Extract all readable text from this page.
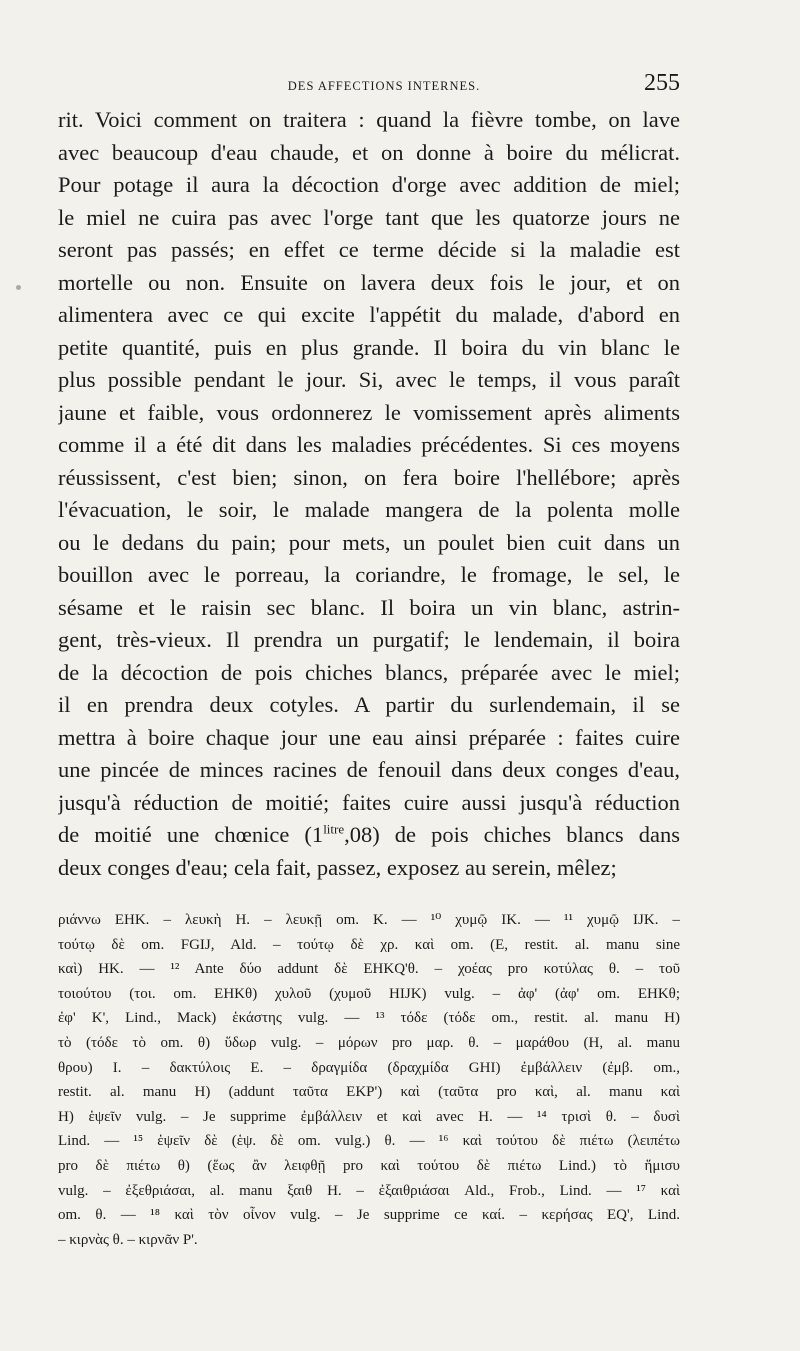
DES AFFECTIONS INTERNES.	255
rit. Voici comment on traitera : quand la fièvre tombe, on lave
avec beaucoup d'eau chaude, et on donne à boire du mélicrat.
Pour potage il aura la décoction d'orge avec addition de miel;
le miel ne cuira pas avec l'orge tant que les quatorze jours ne
seront pas passés; en effet ce terme décide si la maladie est
mortelle ou non. Ensuite on lavera deux fois le jour, et on
alimentera avec ce qui excite l'appétit du malade, d'abord en
petite quantité, puis en plus grande. Il boira du vin blanc le
plus possible pendant le jour. Si, avec le temps, il vous paraît
jaune et faible, vous ordonnerez le vomissement après aliments
comme il a été dit dans les maladies précédentes. Si ces moyens
réussissent, c'est bien; sinon, on fera boire l'hellébore; après
l'évacuation, le soir, le malade mangera de la polenta molle
ou le dedans du pain; pour mets, un poulet bien cuit dans un
bouillon avec le porreau, la coriandre, le fromage, le sel, le
sésame et le raisin sec blanc. Il boira un vin blanc, astrin-
gent, très-vieux. Il prendra un purgatif; le lendemain, il boira
de la décoction de pois chiches blancs, préparée avec le miel;
il en prendra deux cotyles. A partir du surlendemain, il se
mettra à boire chaque jour une eau ainsi préparée : faites cuire
une pincée de minces racines de fenouil dans deux conges d'eau,
jusqu'à réduction de moitié; faites cuire aussi jusqu'à réduction
de moitié une chœnice $(1^{litre},08)$ de pois chiches blancs dans
deux conges d'eau; cela fait, passez, exposez au serein, mêlez;
ριάννω EHK. – λευκὴ H. – λευκῇ om. K. — ¹⁰ χυμῷ IK. — ¹¹ χυμῷ IJK. –
τούτῳ δὲ om. FGIJ, Ald. – τούτῳ δὲ χρ. καὶ om. (E, restit. al. manu sine
καὶ) HK. — ¹² Ante δύο addunt δὲ EHKQ'θ. – χοέας pro κοτύλας θ. – τοῦ
τοιούτου (τοι. om. EHKθ) χυλοῦ (χυμοῦ HIJK) vulg. – ἀφ' (ἀφ' om. EHKθ;
ἐφ' K', Lind., Mack) ἑκάστης vulg. — ¹³ τόδε (τόδε om., restit. al. manu H)
τὸ (τόδε τὸ om. θ) ὕδωρ vulg. – μόρων pro μαρ. θ. – μαράθου (H, al. manu
θρου) I. – δακτύλοις E. – δραγμίδα (δραχμίδα GHI) ἐμβάλλειν (ἐμβ. om.,
restit. al. manu H) (addunt ταῦτα EKP') καὶ (ταῦτα pro καὶ, al. manu καὶ
H) ἑψεῖν vulg. – Je supprime ἐμβάλλειν et καὶ avec H. — ¹⁴ τρισὶ θ. – δυσὶ
Lind. — ¹⁵ ἑψεῖν δὲ (ἑψ. δὲ om. vulg.) θ. — ¹⁶ καὶ τούτου δὲ πιέτω (λειπέτω
pro δὲ πιέτω θ) (ἕως ἂν λειφθῇ pro καὶ τούτου δὲ πιέτω Lind.) τὸ ἥμισυ
vulg. – ἐξεθριάσαι, al. manu ξαιθ H. – ἐξαιθριάσαι Ald., Frob., Lind. — ¹⁷ καὶ
om. θ. — ¹⁸ καὶ τὸν οἶνον vulg. – Je supprime ce καί. – κερήσας EQ', Lind.
– κιρνὰς θ. – κιρνᾶν P'.
